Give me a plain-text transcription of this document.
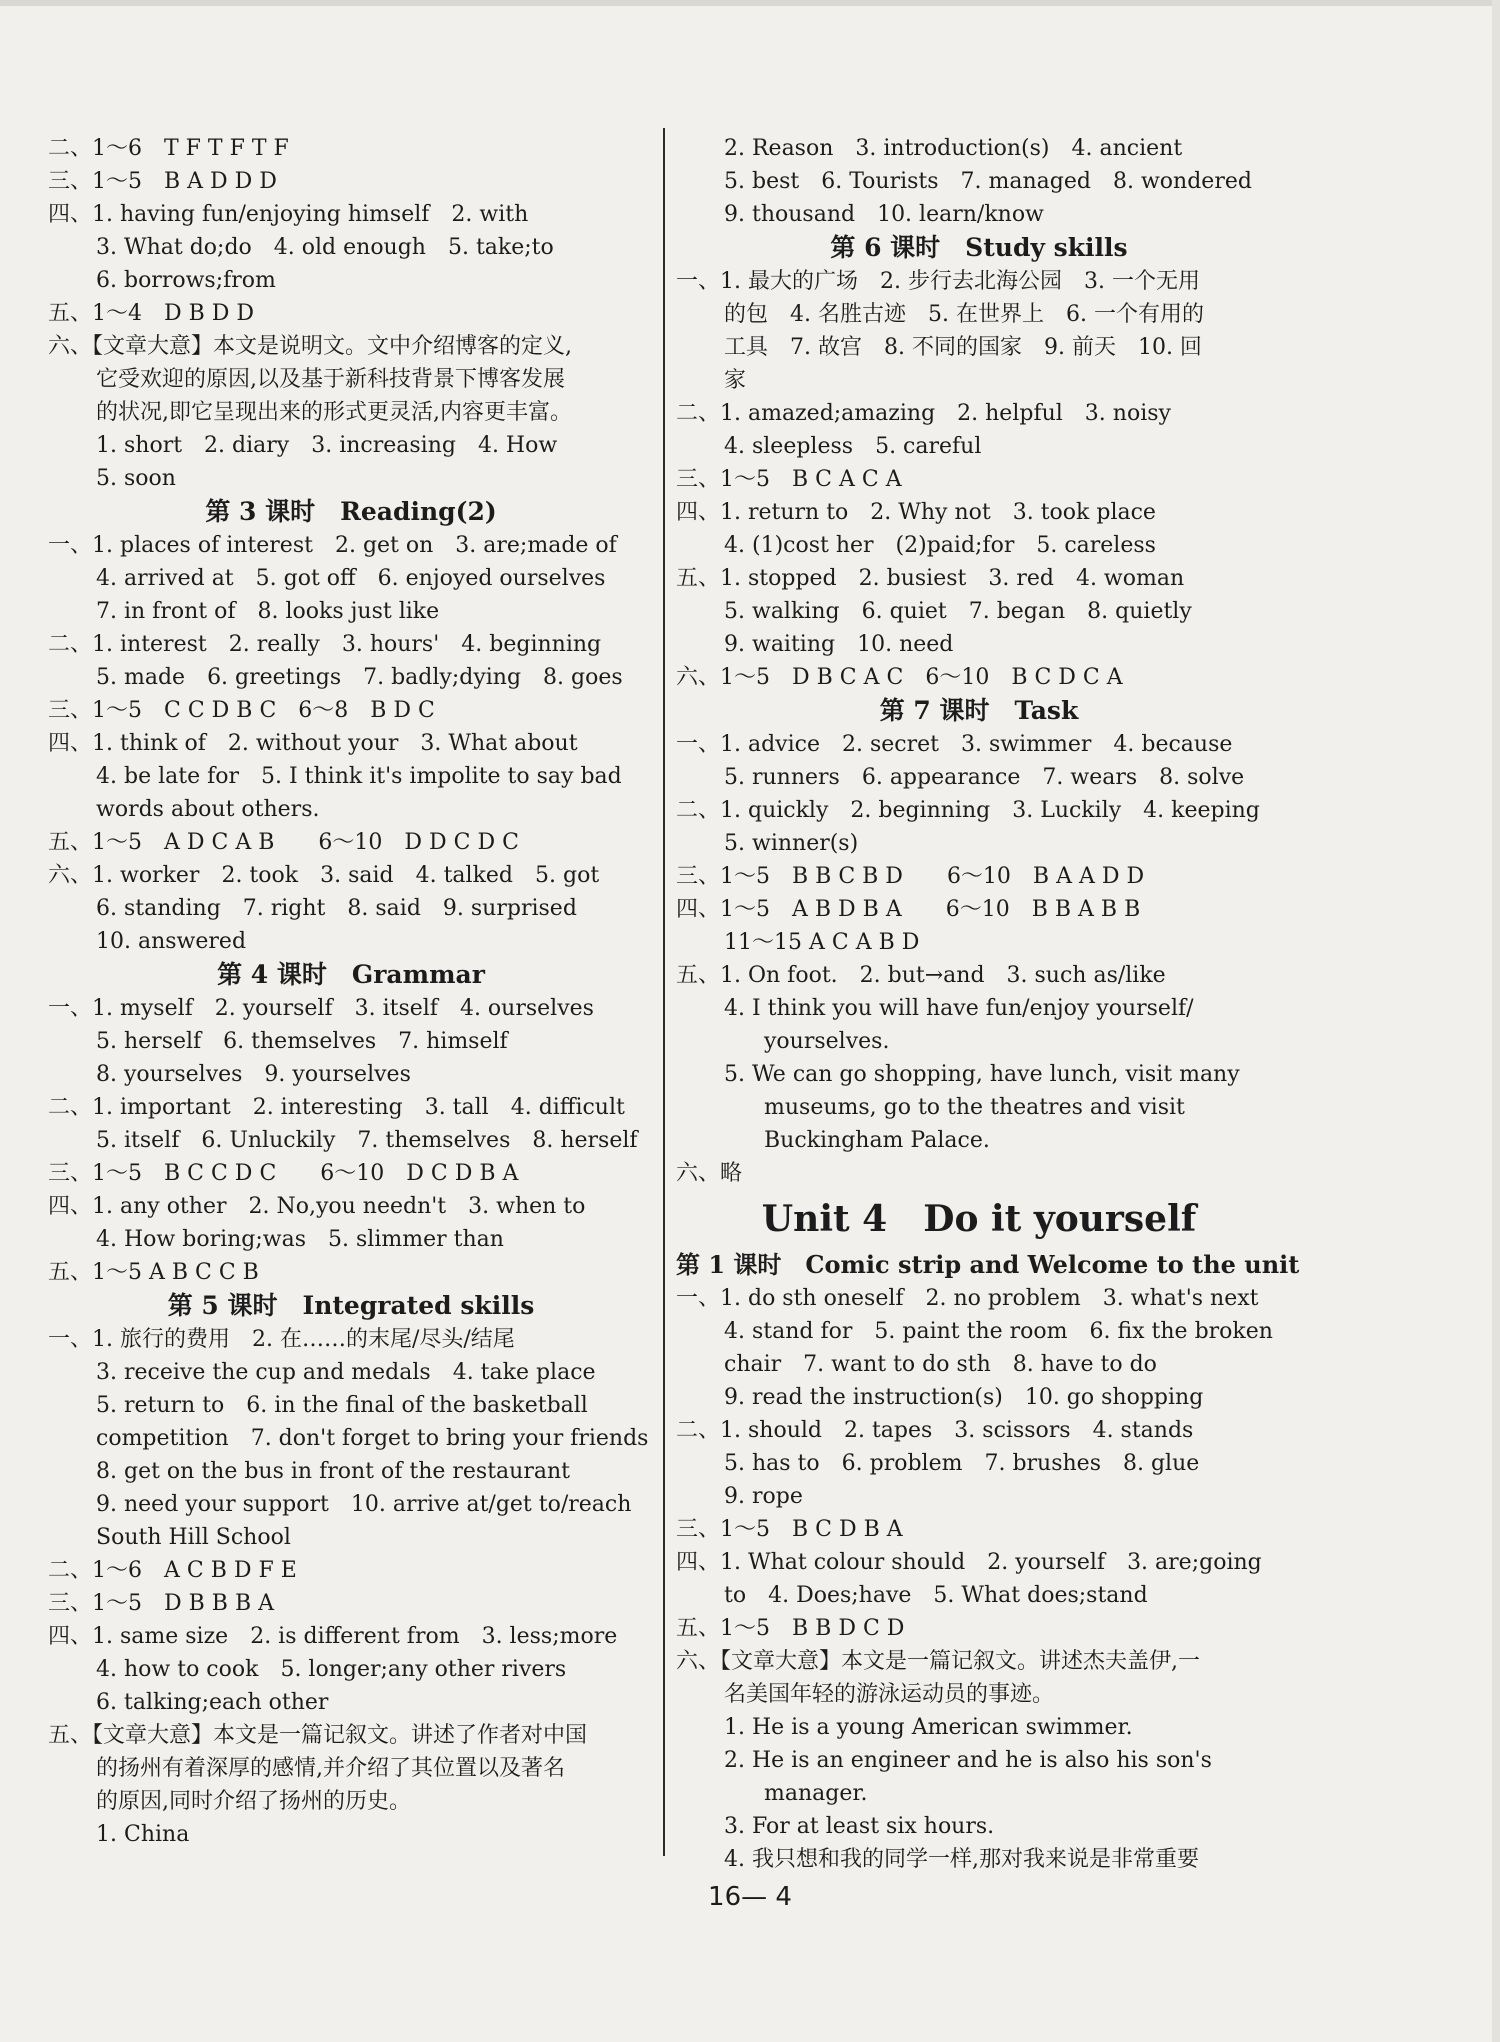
二、1～6　T F T F T F
三、1～5　B A D D D
四、1. having fun/enjoying himself　2. with
3. What do;do　4. old enough　5. take;to
6. borrows;from
五、1～4　D B D D
六、【文章大意】本文是说明文。文中介绍博客的定义,
它受欢迎的原因,以及基于新科技背景下博客发展
的状况,即它呈现出来的形式更灵活,内容更丰富。
1. short　2. diary　3. increasing　4. How
5. soon
第 3 课时　Reading(2)
一、1. places of interest　2. get on　3. are;made of
4. arrived at　5. got off　6. enjoyed ourselves
7. in front of　8. looks just like
二、1. interest　2. really　3. hours'　4. beginning
5. made　6. greetings　7. badly;dying　8. goes
三、1～5　C C D B C　6～8　B D C
四、1. think of　2. without your　3. What about
4. be late for　5. I think it's impolite to say bad
words about others.
五、1～5　A D C A B　　6～10　D D C D C
六、1. worker　2. took　3. said　4. talked　5. got
6. standing　7. right　8. said　9. surprised
10. answered
第 4 课时　Grammar
一、1. myself　2. yourself　3. itself　4. ourselves
5. herself　6. themselves　7. himself
8. yourselves　9. yourselves
二、1. important　2. interesting　3. tall　4. difficult
5. itself　6. Unluckily　7. themselves　8. herself
三、1～5　B C C D C　　6～10　D C D B A
四、1. any other　2. No,you needn't　3. when to
4. How boring;was　5. slimmer than
五、1～5 A B C C B
第 5 课时　Integrated skills
一、1. 旅行的费用　2. 在……的末尾/尽头/结尾
3. receive the cup and medals　4. take place
5. return to　6. in the final of the basketball
competition　7. don't forget to bring your friends
8. get on the bus in front of the restaurant
9. need your support　10. arrive at/get to/reach
South Hill School
二、1～6　A C B D F E
三、1～5　D B B B A
四、1. same size　2. is different from　3. less;more
4. how to cook　5. longer;any other rivers
6. talking;each other
五、【文章大意】本文是一篇记叙文。讲述了作者对中国
的扬州有着深厚的感情,并介绍了其位置以及著名
的原因,同时介绍了扬州的历史。
1. China
2. Reason　3. introduction(s)　4. ancient
5. best　6. Tourists　7. managed　8. wondered
9. thousand　10. learn/know
第 6 课时　Study skills
一、1. 最大的广场　2. 步行去北海公园　3. 一个无用
的包　4. 名胜古迹　5. 在世界上　6. 一个有用的
工具　7. 故宫　8. 不同的国家　9. 前天　10. 回
家
二、1. amazed;amazing　2. helpful　3. noisy
4. sleepless　5. careful
三、1～5　B C A C A
四、1. return to　2. Why not　3. took place
4. (1)cost her　(2)paid;for　5. careless
五、1. stopped　2. busiest　3. red　4. woman
5. walking　6. quiet　7. began　8. quietly
9. waiting　10. need
六、1～5　D B C A C　6～10　B C D C A
第 7 课时　Task
一、1. advice　2. secret　3. swimmer　4. because
5. runners　6. appearance　7. wears　8. solve
二、1. quickly　2. beginning　3. Luckily　4. keeping
5. winner(s)
三、1～5　B B C B D　　6～10　B A A D D
四、1～5　A B D B A　　6～10　B B A B B
11～15 A C A B D
五、1. On foot.　2. but→and　3. such as/like
4. I think you will have fun/enjoy yourself/
yourselves.
5. We can go shopping, have lunch, visit many
museums, go to the theatres and visit
Buckingham Palace.
六、略
Unit 4　Do it yourself
第 1 课时　Comic strip and Welcome to the unit
一、1. do sth oneself　2. no problem　3. what's next
4. stand for　5. paint the room　6. fix the broken
chair　7. want to do sth　8. have to do
9. read the instruction(s)　10. go shopping
二、1. should　2. tapes　3. scissors　4. stands
5. has to　6. problem　7. brushes　8. glue
9. rope
三、1～5　B C D B A
四、1. What colour should　2. yourself　3. are;going
to　4. Does;have　5. What does;stand
五、1～5　B B D C D
六、【文章大意】本文是一篇记叙文。讲述杰夫盖伊,一
名美国年轻的游泳运动员的事迹。
1. He is a young American swimmer.
2. He is an engineer and he is also his son's
manager.
3. For at least six hours.
4. 我只想和我的同学一样,那对我来说是非常重要
16— 4
